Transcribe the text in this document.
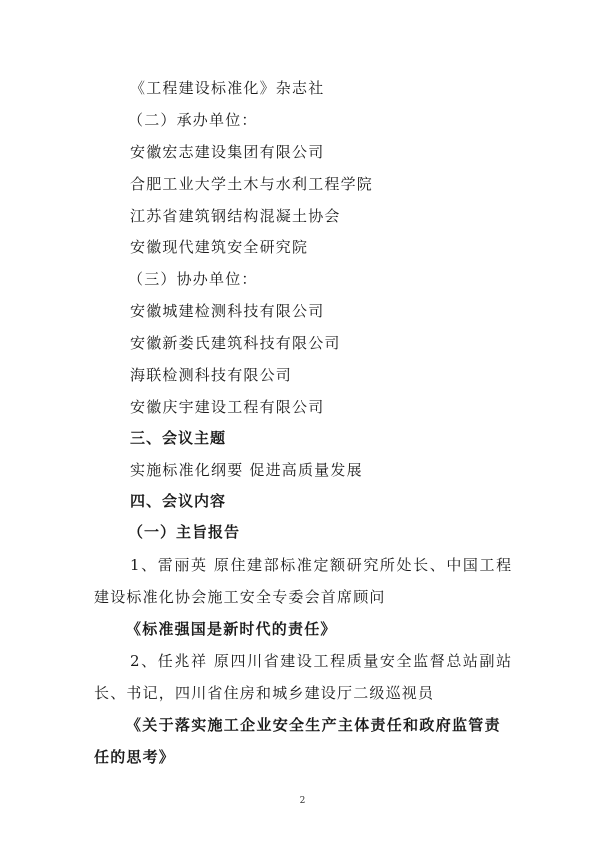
《工程建设标准化》杂志社
（二）承办单位：
安徽宏志建设集团有限公司
合肥工业大学土木与水利工程学院
江苏省建筑钢结构混凝土协会
安徽现代建筑安全研究院
（三）协办单位：
安徽城建检测科技有限公司
安徽新娄氏建筑科技有限公司
海联检测科技有限公司
安徽庆宇建设工程有限公司
三、会议主题
实施标准化纲要 促进高质量发展
四、会议内容
（一）主旨报告
1、雷丽英 原住建部标准定额研究所处长、中国工程
建设标准化协会施工安全专委会首席顾问
《标准强国是新时代的责任》
2、任兆祥 原四川省建设工程质量安全监督总站副站
长、书记，四川省住房和城乡建设厅二级巡视员
《关于落实施工企业安全生产主体责任和政府监管责
任的思考》
2
